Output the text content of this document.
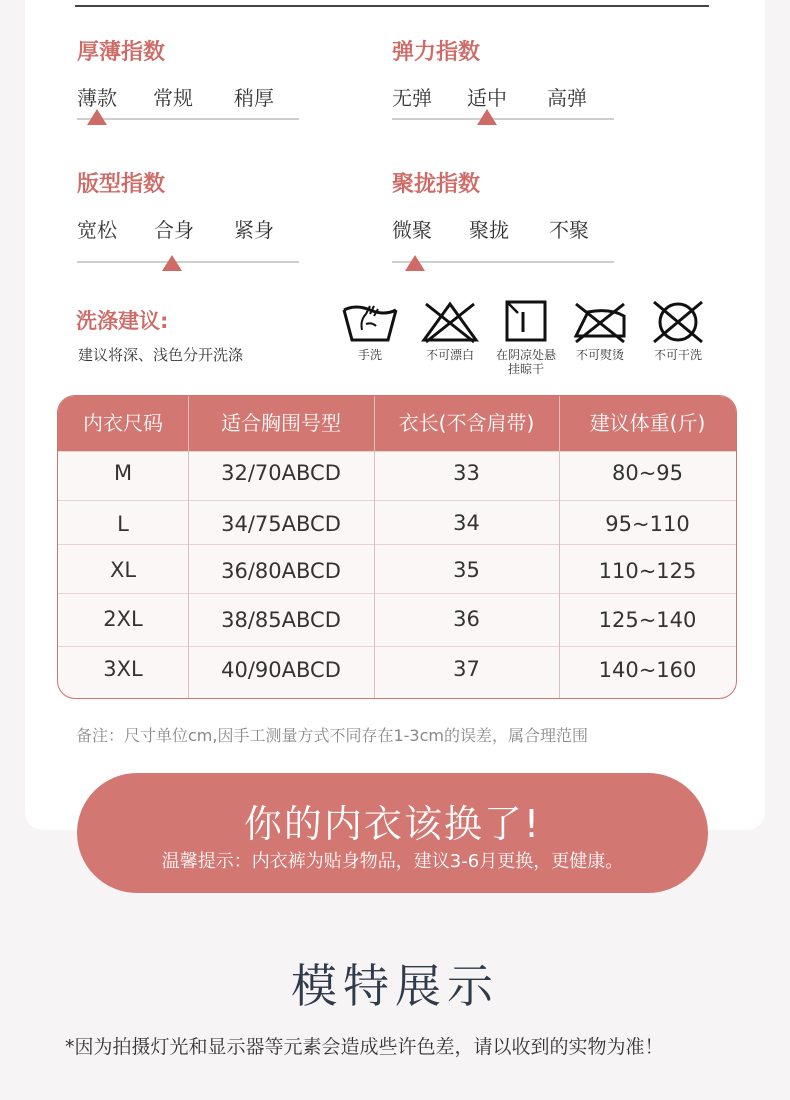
厚薄指数
薄款 常规 稍厚
弹力指数
无弹 适中 高弹
版型指数
宽松 合身 紧身
聚拢指数
微聚 聚拢 不聚
洗涤建议:
建议将深、浅色分开洗涤	手洗	不可漂白	在阴凉处悬挂晾干
不可熨烫	不可干洗
内衣尺码	适合胸围号型	衣长(不含肩带)	建议体重(斤)
M	32/70ABCD	33	80~95
L	34/75ABCD	34	95~110
XL	36/80ABCD	35	110~125
2XL	38/85ABCD	36	125~140
3XL	40/90ABCD	37	140~160
备注：尺寸单位cm,因手工测量方式不同存在1-3cm的误差，属合理范围
你的内衣该换了!
温馨提示：内衣裤为贴身物品，建议3-6月更换，更健康。
模特展示
*因为拍摄灯光和显示器等元素会造成些许色差，请以收到的实物为准！
